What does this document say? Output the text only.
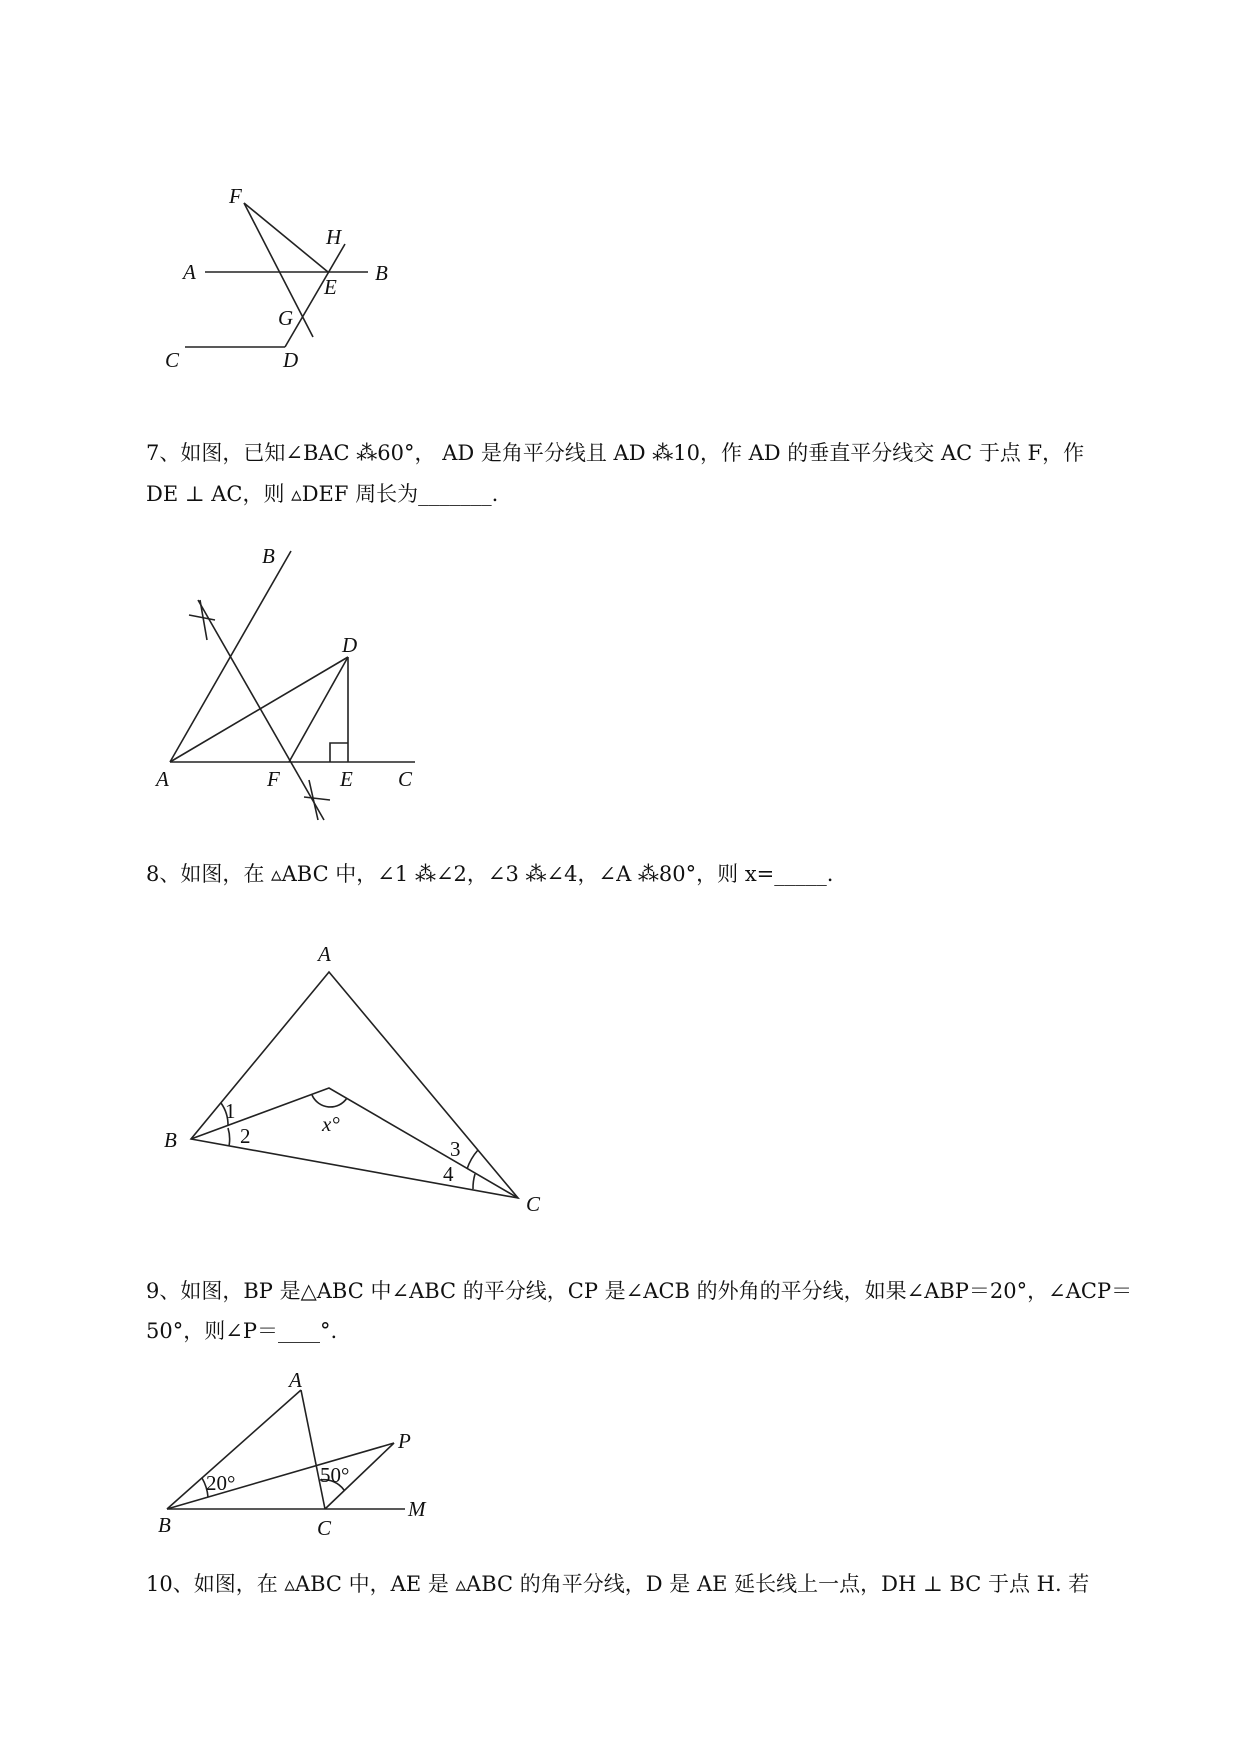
F
H
A	B
E
G
C	D
7、如图，已知∠BAC ⁂60°， AD 是角平分线且 AD ⁂10，作 AD 的垂直平分线交 AC 于点 F，作
DE ⊥ AC，则 ▵DEF 周长为_______.
B
D
A	F	E C
8、如图，在 ▵ABC 中，∠1 ⁂∠2，∠3 ⁂∠4，∠A ⁂80°，则 x=_____.
A
B
C
x°
1
2
3
4
9、如图，BP 是△ABC 中∠ABC 的平分线，CP 是∠ACB 的外角的平分线，如果∠ABP＝20°，∠ACP＝
50°，则∠P＝____°.
A
P
B	C
M
20°	50°
10、如图，在 ▵ABC 中，AE 是 ▵ABC 的角平分线，D 是 AE 延长线上一点，DH ⊥ BC 于点 H. 若
